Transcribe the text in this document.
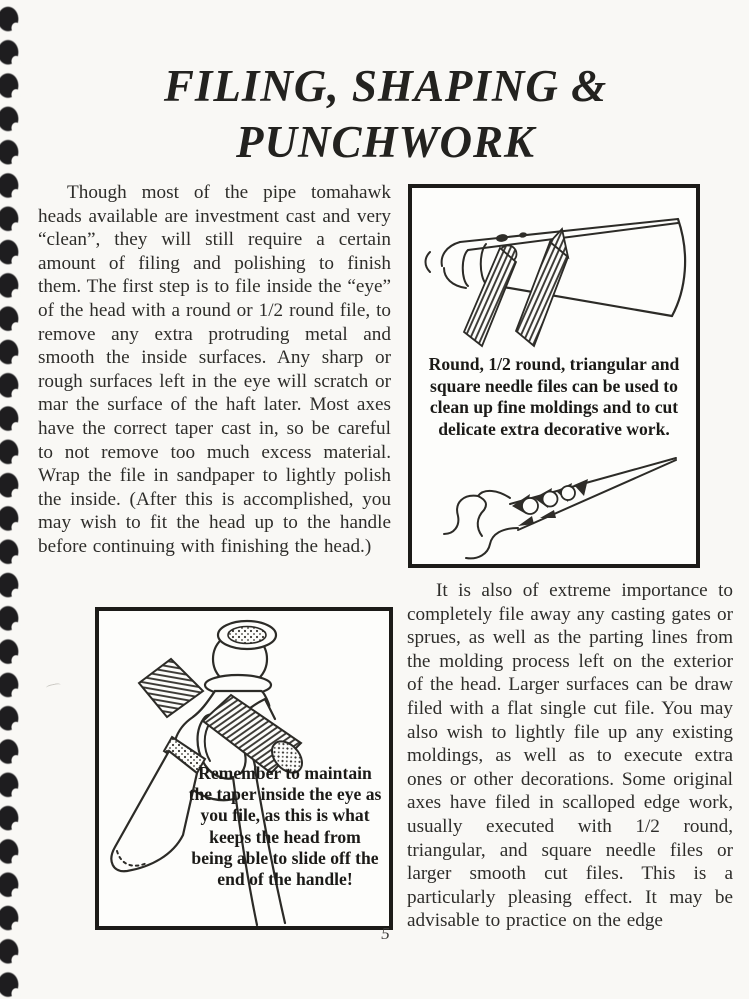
FILING, SHAPING &
PUNCHWORK
Though most of the pipe tomahawk heads available are investment cast and very “clean”, they will still require a certain amount of filing and polishing to finish them. The first step is to file inside the “eye” of the head with a round or 1/2 round file, to remove any extra protruding metal and smooth the inside surfaces. Any sharp or rough surfaces left in the eye will scratch or mar the surface of the haft later. Most axes have the correct taper cast in, so be careful to not remove too much excess material. Wrap the file in sandpaper to lightly polish the inside. (After this is accomplished, you may wish to fit the head up to the handle before continuing with finishing the head.)
Round, 1/2 round, triangular and square needle files can be used to clean up fine moldings and to cut delicate extra decorative work.
It is also of extreme importance to completely file away any casting gates or sprues, as well as the parting lines from the molding process left on the exterior of the head. Larger surfaces can be draw filed with a flat single cut file. You may also wish to lightly file up any existing moldings, as well as to execute extra ones or other decorations. Some original axes have filed in scalloped edge work, usually executed with 1/2 round, triangular, and square needle files or larger smooth cut files. This is a particularly pleasing effect. It may be advisable to practice on the edge
Remember to maintain the taper inside the eye as you file, as this is what keeps the head from being able to slide off the end of the handle!
5
